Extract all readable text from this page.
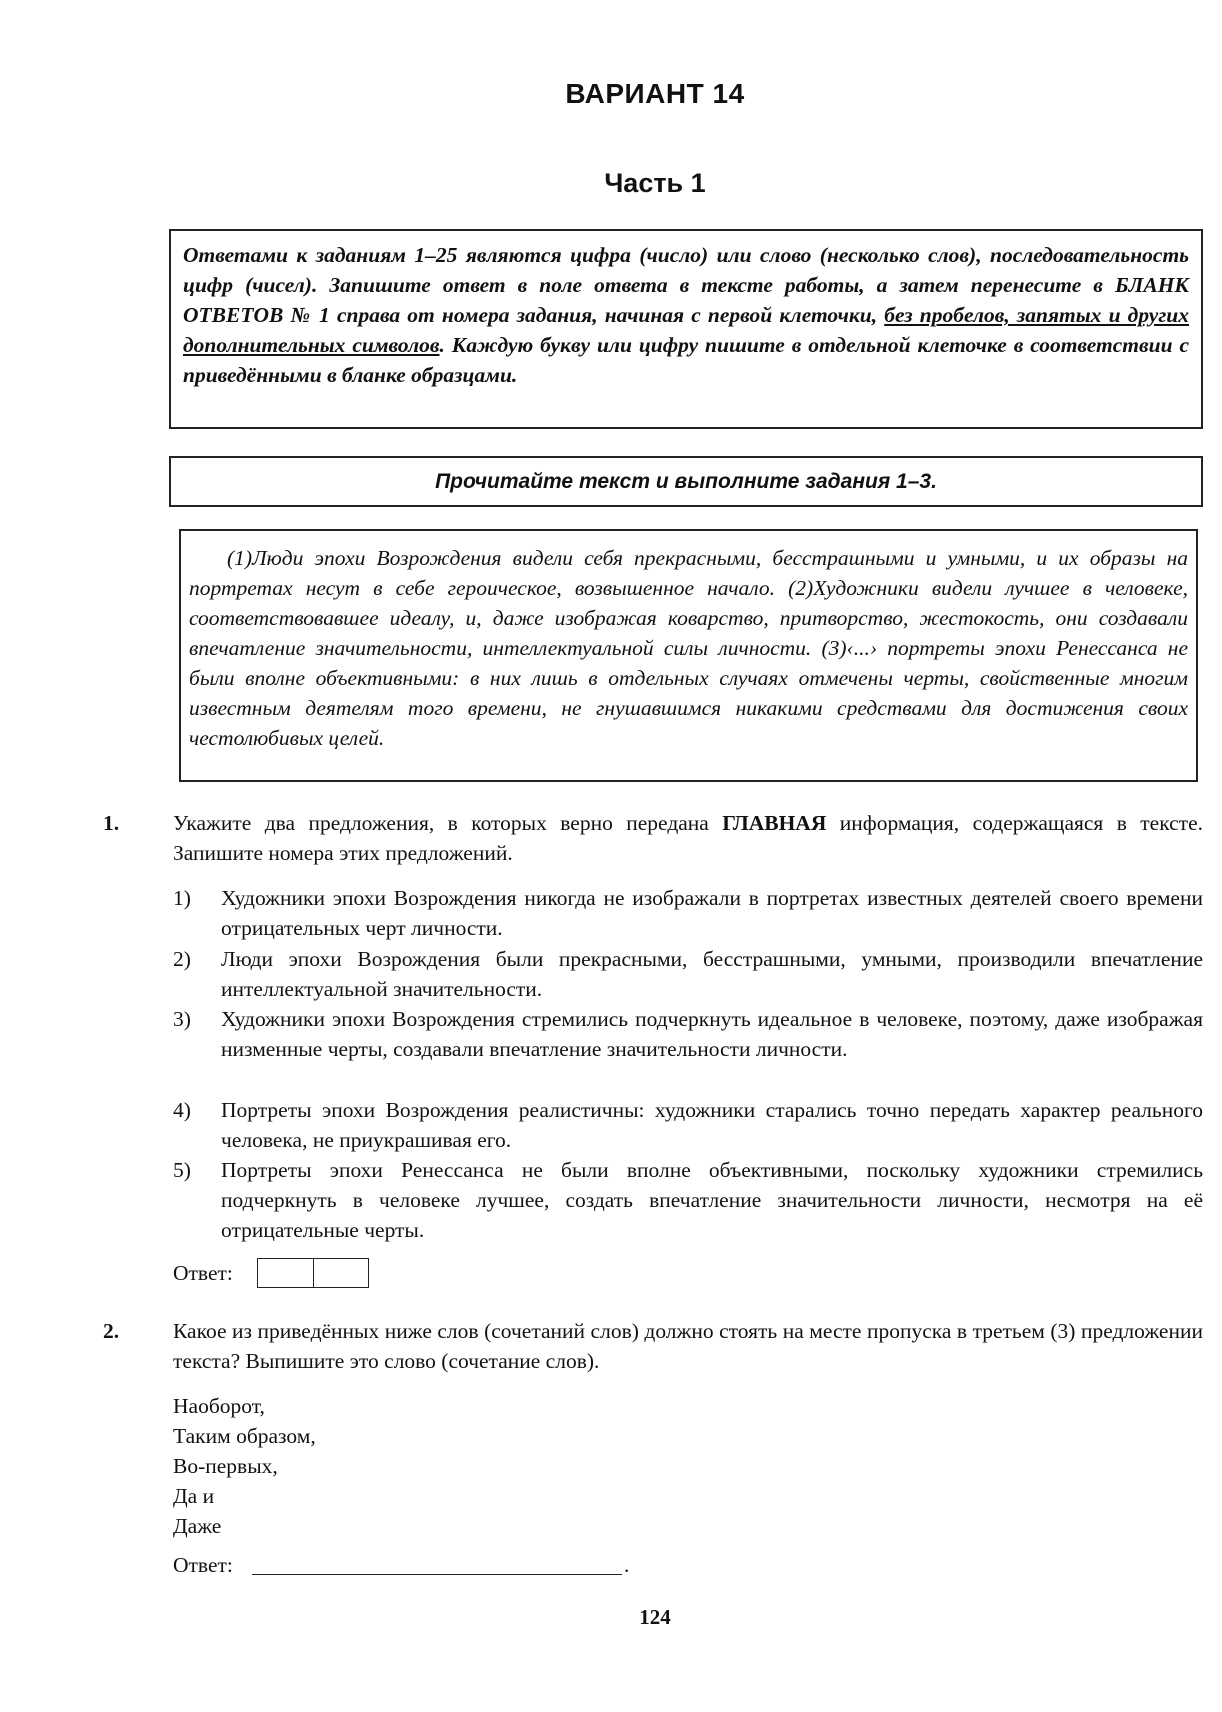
ВАРИАНТ 14
Часть 1
Ответами к заданиям 1–25 являются цифра (число) или слово (несколько слов), последовательность цифр (чисел). Запишите ответ в поле ответа в тексте работы, а затем перенесите в БЛАНК ОТВЕТОВ № 1 справа от номера задания, начиная с первой клеточки, без пробелов, запятых и других дополнительных символов. Каждую букву или цифру пишите в отдельной клеточке в соответствии с приведёнными в бланке образцами.
Прочитайте текст и выполните задания 1–3.
(1)Люди эпохи Возрождения видели себя прекрасными, бесстрашными и умными, и их образы на портретах несут в себе героическое, возвышенное начало. (2)Художники видели лучшее в человеке, соответствовавшее идеалу, и, даже изображая коварство, притворство, жестокость, они создавали впечатление значительности, интеллектуальной силы личности. (3)‹...› портреты эпохи Ренессанса не были вполне объективными: в них лишь в отдельных случаях отмечены черты, свойственные многим известным деятелям того времени, не гнушавшимся никакими средствами для достижения своих честолюбивых целей.
1.	Укажите два предложения, в которых верно передана ГЛАВНАЯ информация, содержащаяся в тексте. Запишите номера этих предложений.
1) Художники эпохи Возрождения никогда не изображали в портретах известных деятелей своего времени отрицательных черт личности.
2) Люди эпохи Возрождения были прекрасными, бесстрашными, умными, производили впечатление интеллектуальной значительности.
3) Художники эпохи Возрождения стремились подчеркнуть идеальное в человеке, поэтому, даже изображая низменные черты, создавали впечатление значительности личности.
4) Портреты эпохи Возрождения реалистичны: художники старались точно передать характер реального человека, не приукрашивая его.
5) Портреты эпохи Ренессанса не были вполне объективными, поскольку художники стремились подчеркнуть в человеке лучшее, создать впечатление значительности личности, несмотря на её отрицательные черты.
Ответ:
2.	Какое из приведённых ниже слов (сочетаний слов) должно стоять на месте пропуска в третьем (3) предложении текста? Выпишите это слово (сочетание слов).
Наоборот,
Таким образом,
Во-первых,
Да и
Даже
Ответ:	.
124
